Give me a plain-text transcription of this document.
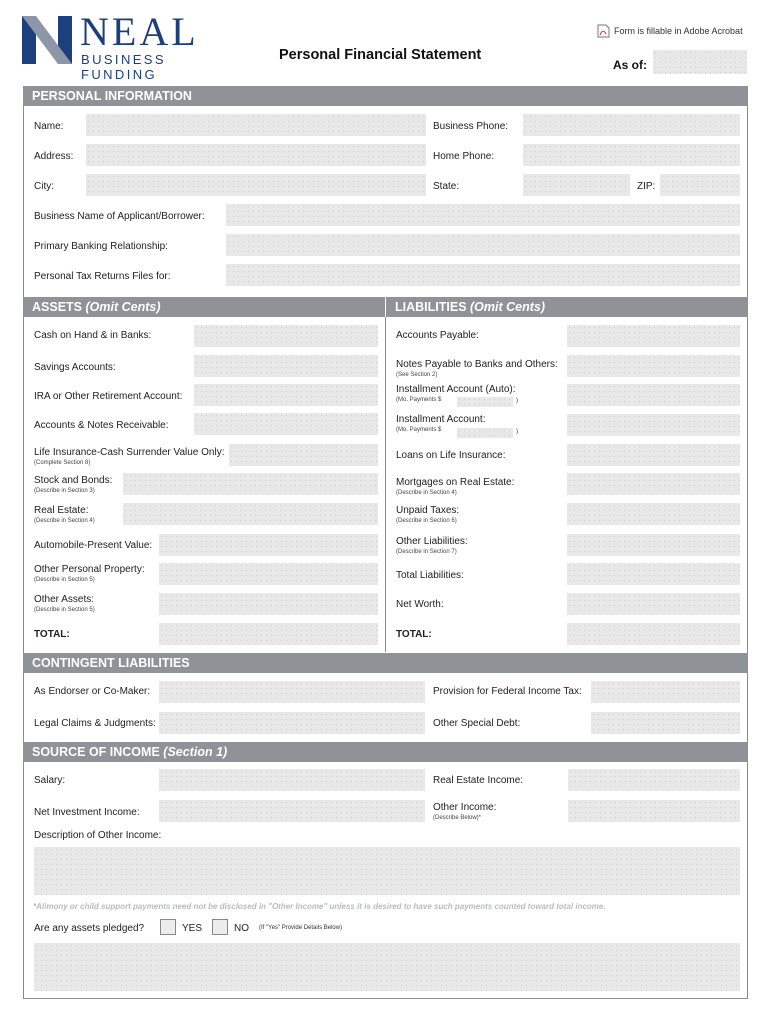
NEAL
BUSINESS FUNDING
Form is fillable in Adobe Acrobat
Personal Financial Statement
As of:
PERSONAL INFORMATION
Name:	Business Phone:
Address:	Home Phone:
City:	State:	ZIP:
Business Name of Applicant/Borrower:
Primary Banking Relationship:
Personal Tax Returns Files for:
ASSETS (Omit Cents)	LIABILITIES (Omit Cents)
Cash on Hand & in Banks:
Savings Accounts:
IRA or Other Retirement Account:
Accounts & Notes Receivable:
Life Insurance-Cash Surrender Value Only:
(Complete Section 8)
Stock and Bonds:
(Describe in Section 3)
Real Estate:
(Describe in Section 4)
Automobile-Present Value:
Other Personal Property:
(Describe in Section 5)
Other Assets:
(Describe in Section 5)
TOTAL:
Accounts Payable:
Notes Payable to Banks and Others:
(See Section 2)
Installment Account (Auto):
(Mo. Payments $	)
Installment Account:
(Mo. Payments $	)
Loans on Life Insurance:
Mortgages on Real Estate:
(Describe in Section 4)
Unpaid Taxes:
(Describe in Section 6)
Other Liabilities:
(Describe in Section 7)
Total Liabilities:
Net Worth:
TOTAL:
CONTINGENT LIABILITIES
As Endorser or Co-Maker:	Provision for Federal Income Tax:
Legal Claims & Judgments:	Other Special Debt:
SOURCE OF INCOME (Section 1)
Salary:	Real Estate Income:
Net Investment Income:	Other Income:
(Describe Below)*
Description of Other Income:
*Alimony or child support payments need not be disclosed in "Other Income" unless it is desired to have such payments counted toward total income.
Are any assets pledged?	YES	NO (If "Yes" Provide Details Below)
